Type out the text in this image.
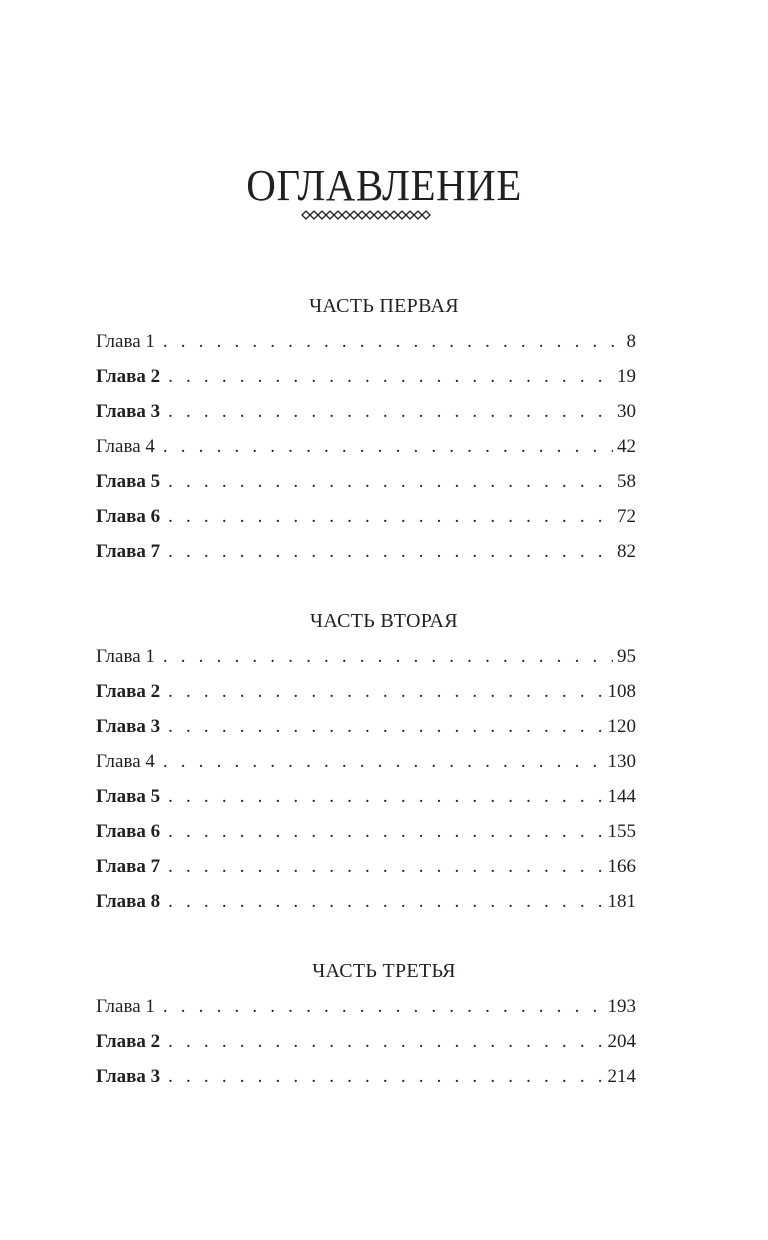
ОГЛАВЛЕНИЕ
ЧАСТЬ ПЕРВАЯ
Глава 1 . . .	8
Глава 2 . . .	19
Глава 3 . . .	30
Глава 4 . . .	42
Глава 5 . . .	58
Глава 6 . . .	72
Глава 7 . . .	82
ЧАСТЬ ВТОРАЯ
Глава 1 . . .	95
Глава 2 . . .	108
Глава 3 . . .	120
Глава 4 . . .	130
Глава 5 . . .	144
Глава 6 . . .	155
Глава 7 . . .	166
Глава 8 . . .	181
ЧАСТЬ ТРЕТЬЯ
Глава 1 . . .	193
Глава 2 . . .	204
Глава 3 . . .	214
